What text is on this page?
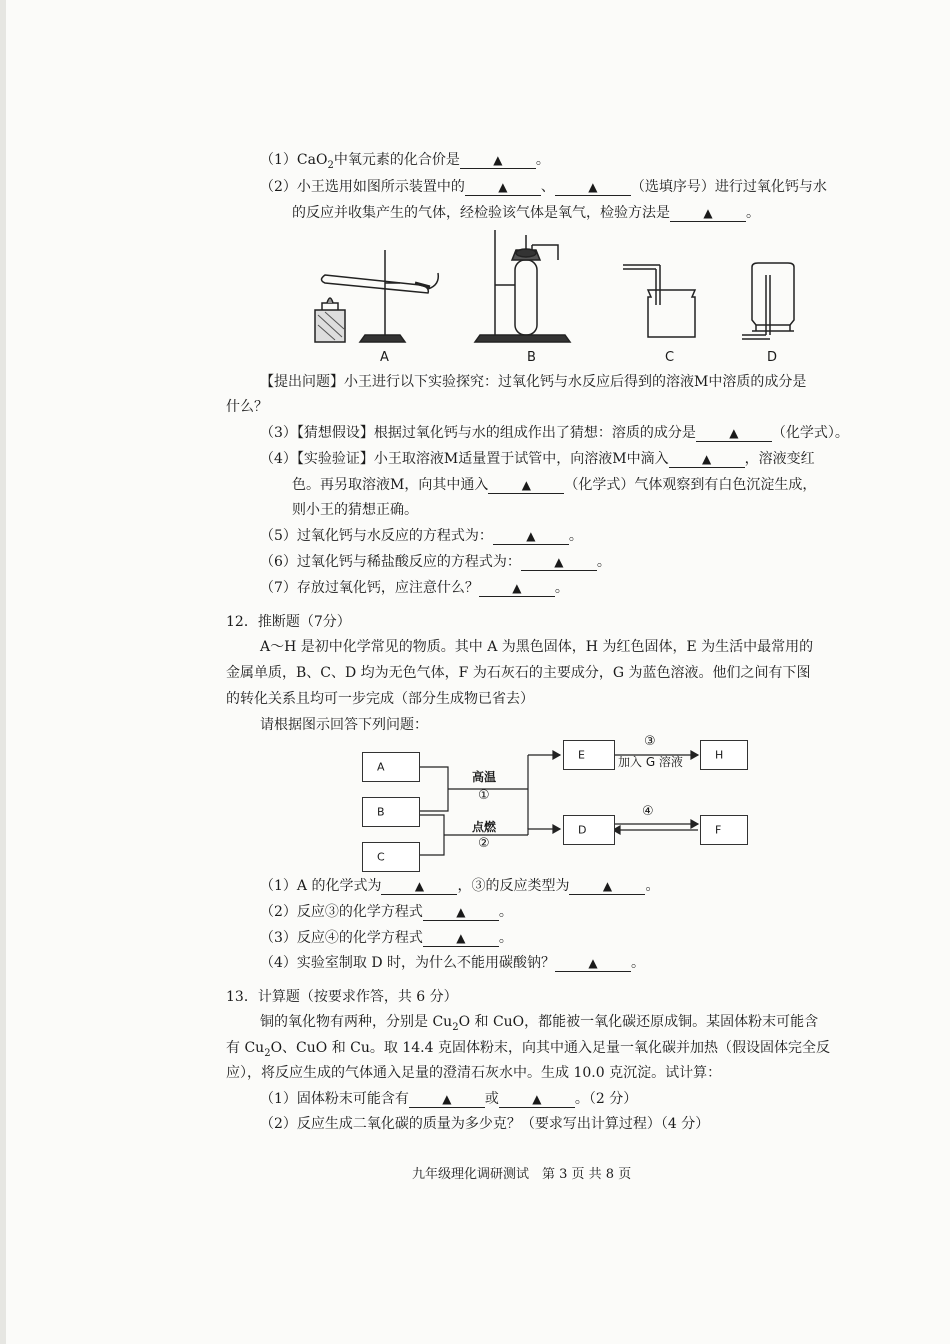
（1）CaO$_2$中氧元素的化合价是	▲ 。
（2）小王选用如图所示装置中的	▲ 、	▲ （选填序号）进行过氧化钙与水
的反应并收集产生的气体，经检验该气体是氧气，检验方法是	▲ 。
A	B	C	D
【提出问题】小王进行以下实验探究：过氧化钙与水反应后得到的溶液M中溶质的成分是
什么？
（3）【猜想假设】根据过氧化钙与水的组成作出了猜想：溶质的成分是	▲ （化学式）。
（4）【实验验证】小王取溶液M适量置于试管中，向溶液M中滴入	▲ ，溶液变红
色。再另取溶液M，向其中通入	▲ （化学式）气体观察到有白色沉淀生成，
则小王的猜想正确。
（5）过氧化钙与水反应的方程式为：	▲ 。
（6）过氧化钙与稀盐酸反应的方程式为：	▲ 。
（7）存放过氧化钙，应注意什么？	▲ 。
12．推断题（7分）
A～H 是初中化学常见的物质。其中 A 为黑色固体，H 为红色固体，E 为生活中最常用的
金属单质，B、C、D 均为无色气体，F 为石灰石的主要成分，G 为蓝色溶液。他们之间有下图
的转化关系且均可一步完成（部分生成物已省去）
请根据图示回答下列问题：
A
B
C
D
E
F
H
高温
①
点燃
②
③
加入 G 溶液
④
（1）A 的化学式为	▲ ，③的反应类型为	▲ 。
（2）反应③的化学方程式	▲ 。
（3）反应④的化学方程式	▲ 。
（4）实验室制取 D 时，为什么不能用碳酸钠？	▲ 。
13．计算题（按要求作答，共 6 分）
铜的氧化物有两种，分别是 $Cu_2O$ 和 CuO，都能被一氧化碳还原成铜。某固体粉末可能含
有 $Cu_2O$、CuO 和 Cu。取 14.4 克固体粉末，向其中通入足量一氧化碳并加热（假设固体完全反
应），将反应生成的气体通入足量的澄清石灰水中。生成 10.0 克沉淀。试计算：
（1）固体粉末可能含有	▲ 或	▲ 。（2 分）
（2）反应生成二氧化碳的质量为多少克？（要求写出计算过程）（4 分）
九年级理化调研测试　第 3 页 共 8 页
